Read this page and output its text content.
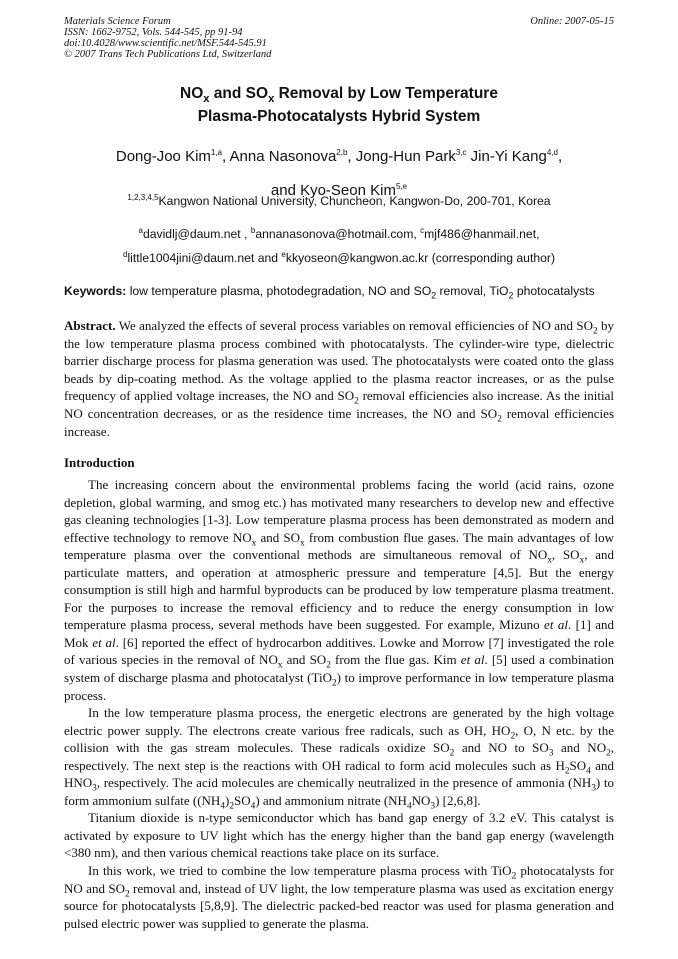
Materials Science Forum
ISSN: 1662-9752, Vols. 544-545, pp 91-94
doi:10.4028/www.scientific.net/MSF.544-545.91
© 2007 Trans Tech Publications Ltd, Switzerland
Online: 2007-05-15
$NO_x$ and $SO_x$ Removal by Low Temperature
Plasma-Photocatalysts Hybrid System
Dong-Joo Kim$^{1,a}$, Anna Nasonova$^{2,b}$, Jong-Hun Park$^{3,c}$ Jin-Yi Kang$^{4,d}$,
and Kyo-Seon Kim$^{5,e}$
$^{1,2,3,4,5}$Kangwon National University, Chuncheon, Kangwon-Do, 200-701, Korea
$^a$davidlj@daum.net , $^b$annanasonova@hotmail.com, $^c$mjf486@hanmail.net,
$^d$little1004jini@daum.net and $^e$kkyoseon@kangwon.ac.kr (corresponding author)
Keywords: low temperature plasma, photodegradation, NO and $SO_2$ removal, TiO$_2$ photocatalysts
Abstract. We analyzed the effects of several process variables on removal efficiencies of NO and $SO_2$ by the low temperature plasma process combined with photocatalysts. The cylinder-wire type, dielectric barrier discharge process for plasma generation was used. The photocatalysts were coated onto the glass beads by dip-coating method. As the voltage applied to the plasma reactor increases, or as the pulse frequency of applied voltage increases, the NO and $SO_2$ removal efficiencies also increase. As the initial NO concentration decreases, or as the residence time increases, the NO and $SO_2$ removal efficiencies increase.
Introduction

The increasing concern about the environmental problems facing the world (acid rains, ozone depletion, global warming, and smog etc.) has motivated many researchers to develop new and effective gas cleaning technologies [1-3]. Low temperature plasma process has been demonstrated as modern and effective technology to remove $NO_x$ and $SO_x$ from combustion flue gases. The main advantages of low temperature plasma over the conventional methods are simultaneous removal of $NO_x$, $SO_x$, and particulate matters, and operation at atmospheric pressure and temperature [4,5]. But the energy consumption is still high and harmful byproducts can be produced by low temperature plasma treatment. For the purposes to increase the removal efficiency and to reduce the energy consumption in low temperature plasma process, several methods have been suggested. For example, Mizuno et al. [1] and Mok et al. [6] reported the effect of hydrocarbon additives. Lowke and Morrow [7] investigated the role of various species in the removal of $NO_x$ and $SO_2$ from the flue gas. Kim et al. [5] used a combination system of discharge plasma and photocatalyst (TiO$_2$) to improve performance in low temperature plasma process.

In the low temperature plasma process, the energetic electrons are generated by the high voltage electric power supply. The electrons create various free radicals, such as OH, $HO_2$, O, N etc. by the collision with the gas stream molecules. These radicals oxidize $SO_2$ and NO to $SO_3$ and $NO_2$, respectively. The next step is the reactions with OH radical to form acid molecules such as $H_2SO_4$ and $HNO_3$, respectively. The acid molecules are chemically neutralized in the presence of ammonia $(NH_3)$ to form ammonium sulfate $((NH_4)_2SO_4)$ and ammonium nitrate $(NH_4NO_3)$ [2,6,8].

Titanium dioxide is n-type semiconductor which has band gap energy of 3.2 eV. This catalyst is activated by exposure to UV light which has the energy higher than the band gap energy (wavelength <380 nm), and then various chemical reactions take place on its surface.

In this work, we tried to combine the low temperature plasma process with TiO$_2$ photocatalysts for NO and $SO_2$ removal and, instead of UV light, the low temperature plasma was used as excitation energy source for photocatalysts [5,8,9]. The dielectric packed-bed reactor was used for plasma generation and pulsed electric power was supplied to generate the plasma.
